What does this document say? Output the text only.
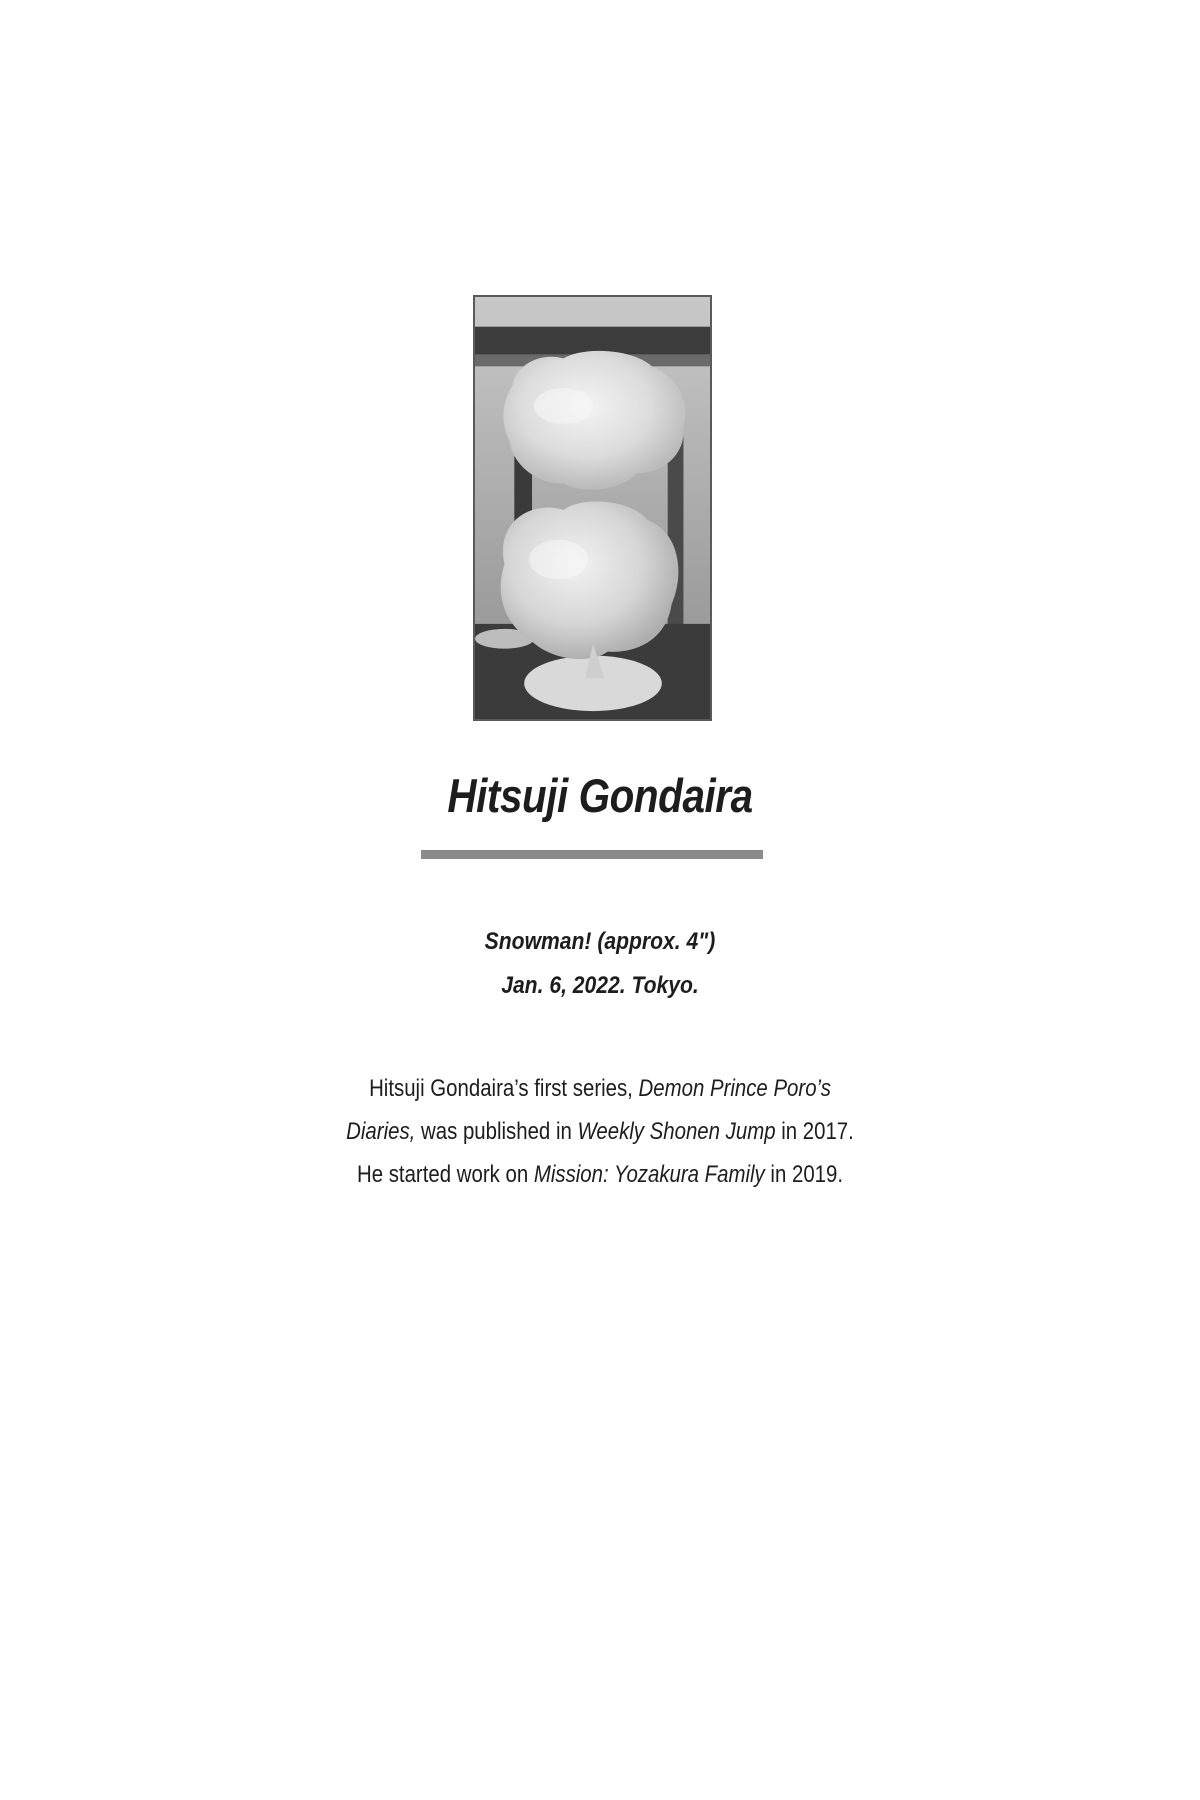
Hitsuji Gondaira
Snowman! (approx. 4")
Jan. 6, 2022. Tokyo.
Hitsuji Gondaira’s first series, Demon Prince Poro’s
Diaries, was published in Weekly Shonen Jump in 2017.
He started work on Mission: Yozakura Family in 2019.
